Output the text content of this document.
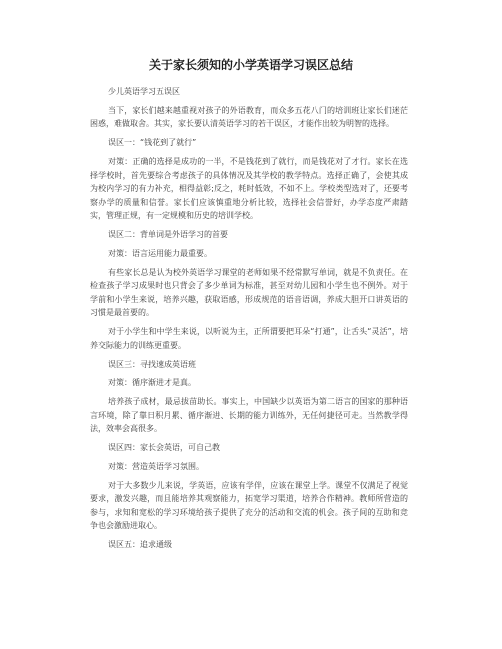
关于家长须知的小学英语学习误区总结

少儿英语学习五误区

当下，家长们越来越重视对孩子的外语教育，而众多五花八门的培训班让家长们迷茫困惑，难做取舍。其实，家长要认清英语学习的若干误区，才能作出较为明智的选择。

误区一：“钱花到了就行”

对策：正确的选择是成功的一半，不是钱花到了就行，而是钱花对了才行。家长在选择学校时，首先要综合考虑孩子的具体情况及其学校的教学特点。选择正确了，会使其成为校内学习的有力补充，相得益彰;反之，耗时低效，不如不上。学校类型选对了，还要考察办学的质量和信誉。家长们应该慎重地分析比较，选择社会信誉好，办学态度严肃踏实，管理正规，有一定规模和历史的培训学校。

误区二：背单词是外语学习的首要

对策：语言运用能力最重要。

有些家长总是认为校外英语学习课堂的老师如果不经常默写单词，就是不负责任。在检查孩子学习成果时也只背会了多少单词为标准，甚至对幼儿园和小学生也不例外。对于学前和小学生来说，培养兴趣，获取语感，形成规范的语音语调，养成大胆开口讲英语的习惯是最首要的。

对于小学生和中学生来说，以听说为主，正所谓要把耳朵“打通”，让舌头“灵活”，培养交际能力的训练更重要。

误区三：寻找速成英语班

对策：循序渐进才是真。

培养孩子成材，最忌拔苗助长。事实上，中国缺少以英语为第二语言的国家的那种语言环境，除了靠日积月累、循序渐进、长期的能力训练外，无任何捷径可走。当然教学得法，效率会高很多。

误区四：家长会英语，可自己教

对策：营造英语学习氛围。

对于大多数少儿来说，学英语，应该有学伴，应该在课堂上学。课堂不仅满足了视觉要求，激发兴趣，而且能培养其观察能力，拓宽学习渠道，培养合作精神。教师所营造的参与，求知和宽松的学习环境给孩子提供了充分的活动和交流的机会。孩子间的互助和竞争也会激励进取心。

误区五：追求通级
